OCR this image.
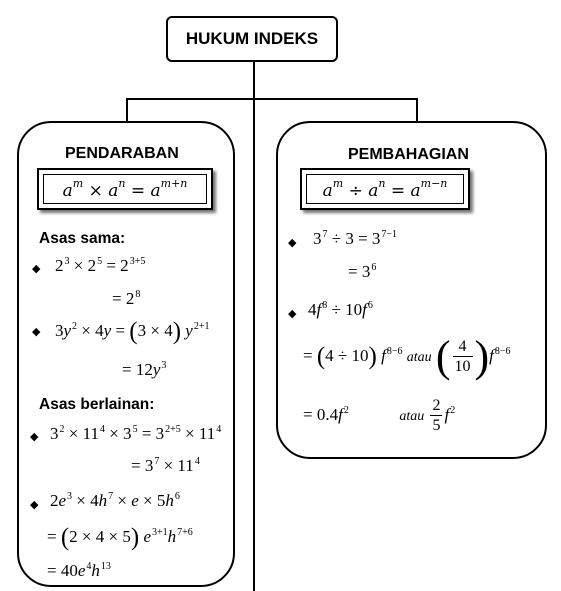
HUKUM INDEKS
PENDARABAN
$a^m \times a^n = a^{m+n}$
Asas sama:
◆ $2^3 \times 2^5 = 2^{3+5}$
= $2^8$
◆ $3y^2 \times 4y = (3 \times 4)$ $y^{2+1}$
= $12y^3$
Asas berlainan:
◆ $3^2 \times 11^4 \times 3^5 = 3^{2+5} \times 11^4$
= $3^7 \times 11^4$
◆ $2e^3 \times 4h^7 \times e \times 5h^6$
= (2 × 4 × 5) $e^{3+1}h^{7+6}$
= $40e^4h^{13}$
PEMBAHAGIAN
$a^m \div a^n = a^{m-n}$
◆ $3^7 \div 3 = 3^{7-1}$
= $3^6$
◆ $4f^8 \div 10f^6$
= (4 ÷ 10) $f^{8-6}$ atau ( $\frac{4}{10} )f^{8-6}$
= $0.4f^2$	atau $\frac{2}{5} f^2$
